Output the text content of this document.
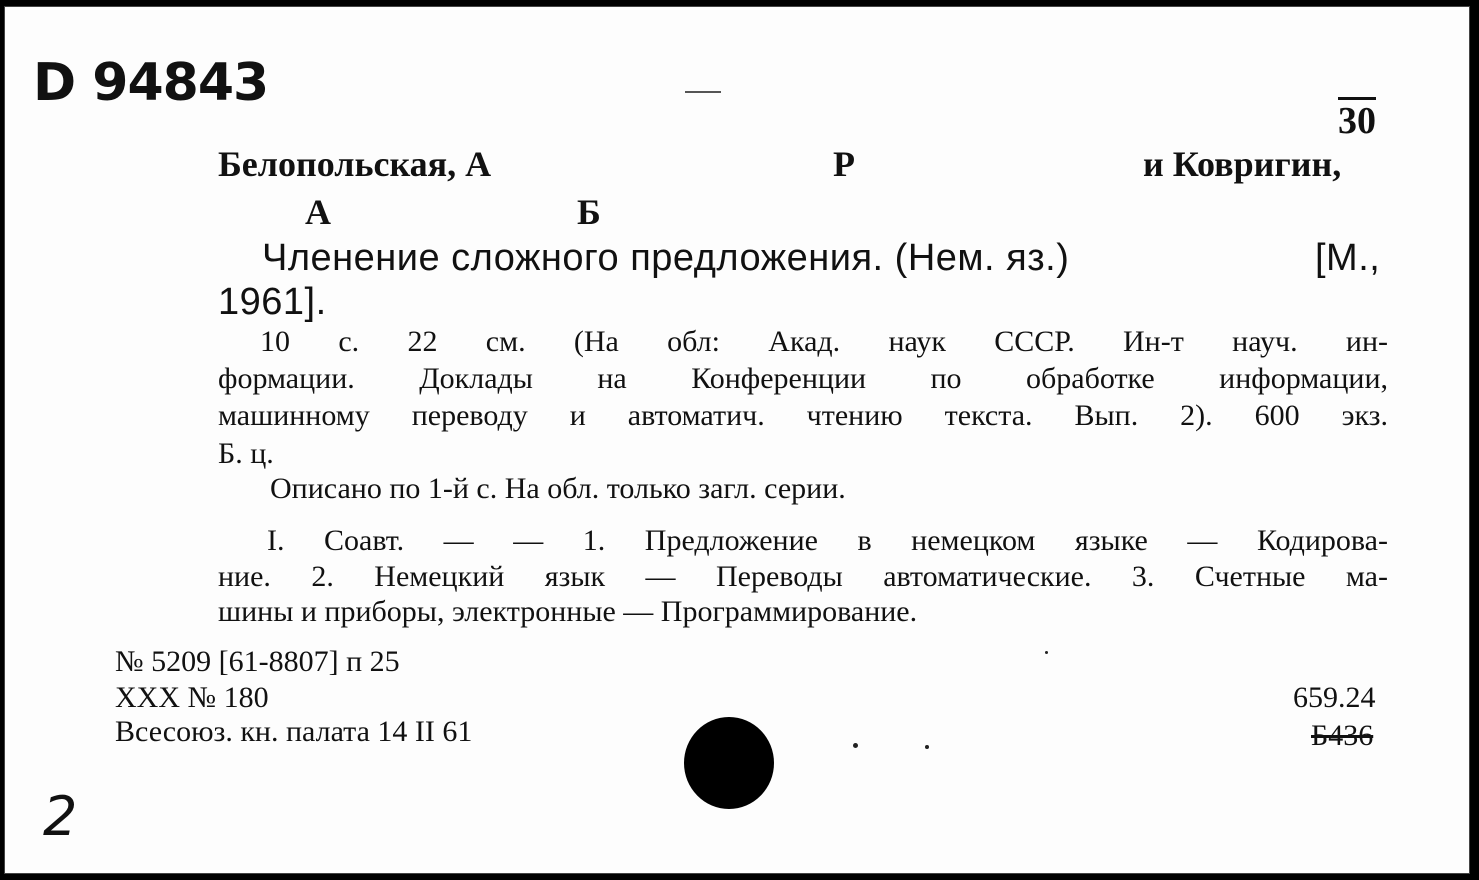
D 94843
30
Белопольская, А	Р	и Ковригин,
А	Б
Членение сложного предложения. (Нем. яз.)	[М.,
1961].
10 с. 22 см. (На обл: Акад. наук СССР. Ин-т науч. ин-
формации. Доклады на Конференции по обработке информации,
машинному переводу и автоматич. чтению текста. Вып. 2). 600 экз.
Б. ц.
Описано по 1-й с. На обл. только загл. серии.
I. Соавт. — — 1. Предложение в немецком языке — Кодирова-
ние. 2. Немецкий язык — Переводы автоматические. 3. Счетные ма-
шины и приборы, электронные — Программирование.
№ 5209 [61-8807] п 25
XXX № 180
Всесоюз. кн. палата 14 II 61
659.24
Б436
2
